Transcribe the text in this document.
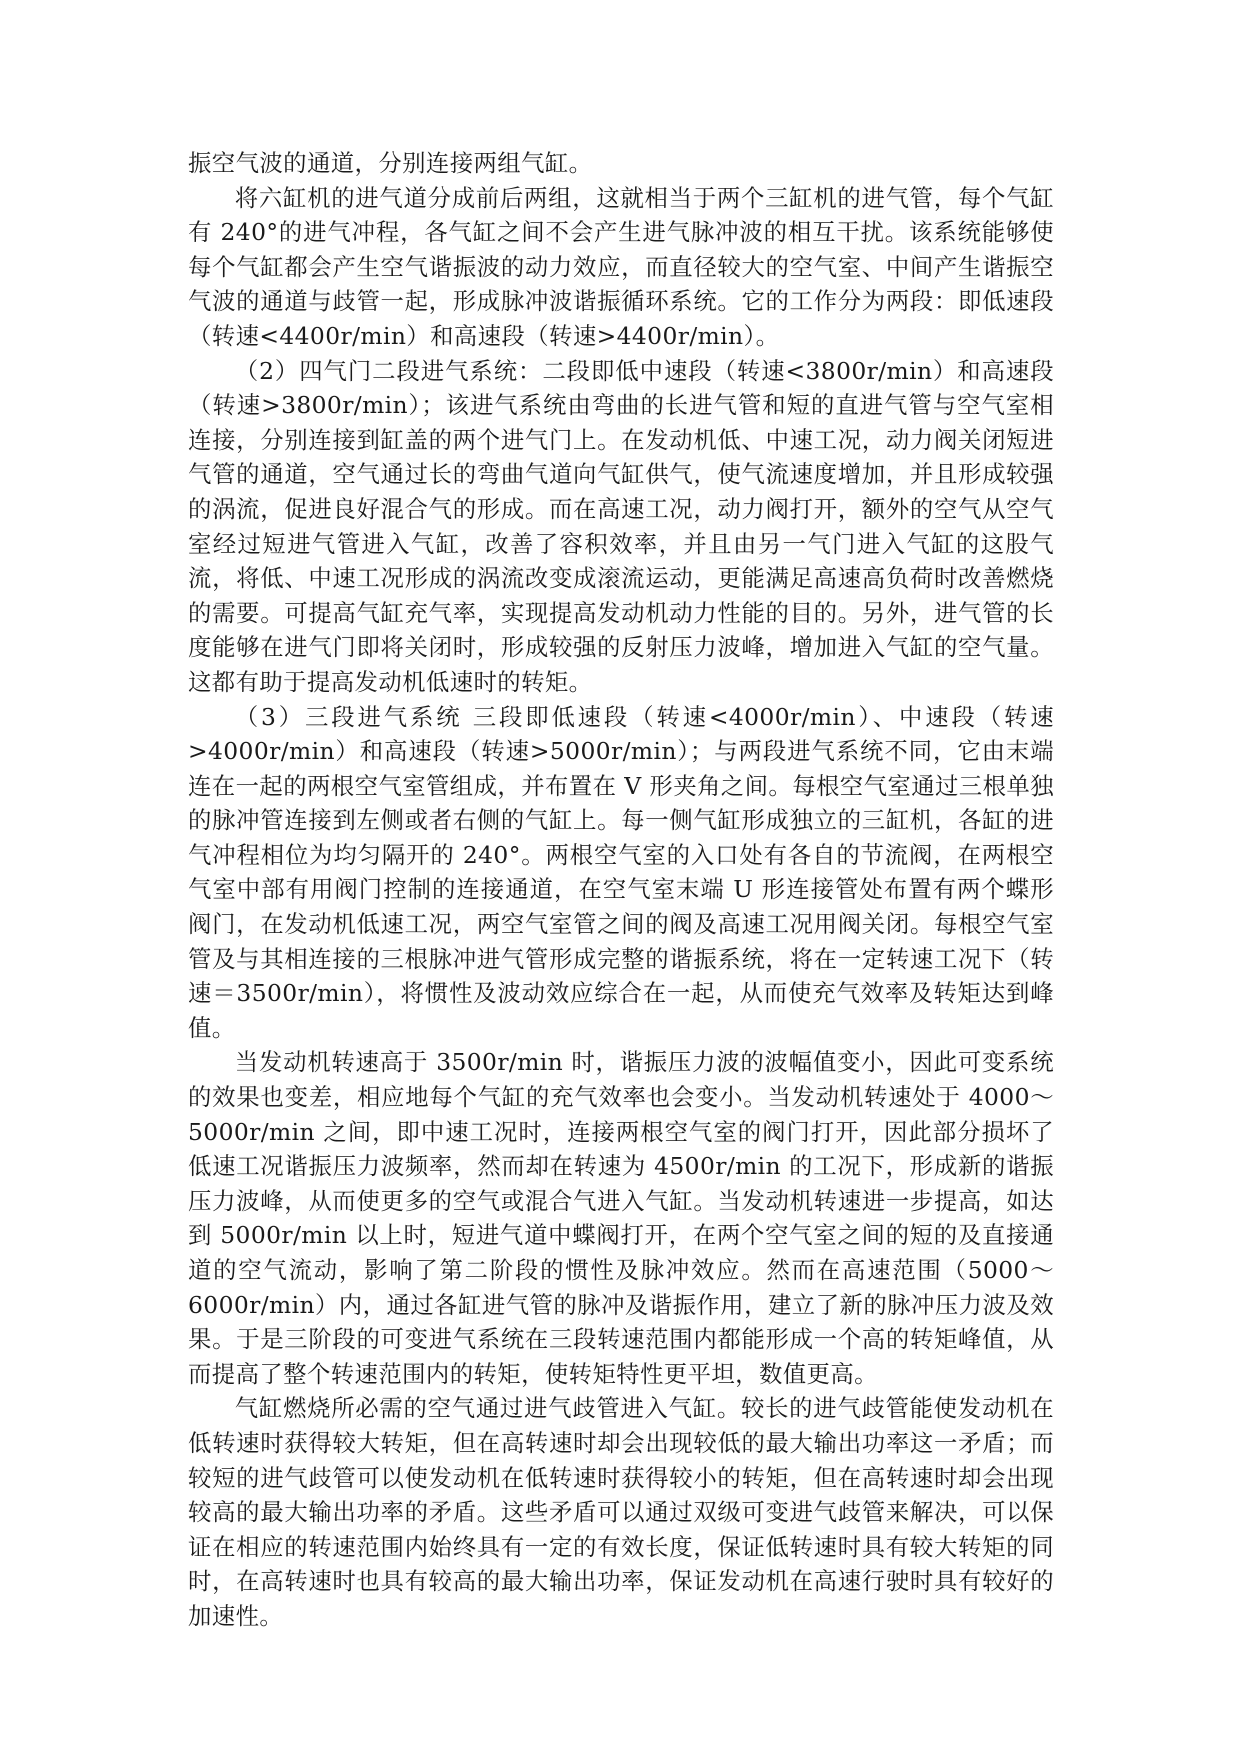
振空气波的通道，分别连接两组气缸。

将六缸机的进气道分成前后两组，这就相当于两个三缸机的进气管，每个气缸有 240°的进气冲程，各气缸之间不会产生进气脉冲波的相互干扰。该系统能够使每个气缸都会产生空气谐振波的动力效应，而直径较大的空气室、中间产生谐振空气波的通道与歧管一起，形成脉冲波谐振循环系统。它的工作分为两段：即低速段（转速<4400r/min）和高速段（转速>4400r/min）。

（2）四气门二段进气系统：二段即低中速段（转速<3800r/min）和高速段（转速>3800r/min）；该进气系统由弯曲的长进气管和短的直进气管与空气室相连接，分别连接到缸盖的两个进气门上。在发动机低、中速工况，动力阀关闭短进气管的通道，空气通过长的弯曲气道向气缸供气，使气流速度增加，并且形成较强的涡流，促进良好混合气的形成。而在高速工况，动力阀打开，额外的空气从空气室经过短进气管进入气缸，改善了容积效率，并且由另一气门进入气缸的这股气流，将低、中速工况形成的涡流改变成滚流运动，更能满足高速高负荷时改善燃烧的需要。可提高气缸充气率，实现提高发动机动力性能的目的。另外，进气管的长度能够在进气门即将关闭时，形成较强的反射压力波峰，增加进入气缸的空气量。这都有助于提高发动机低速时的转矩。

（3）三段进气系统 三段即低速段（转速<4000r/min）、中速段（转速>4000r/min）和高速段（转速>5000r/min）；与两段进气系统不同，它由末端连在一起的两根空气室管组成，并布置在 V 形夹角之间。每根空气室通过三根单独的脉冲管连接到左侧或者右侧的气缸上。每一侧气缸形成独立的三缸机，各缸的进气冲程相位为均匀隔开的 240°。两根空气室的入口处有各自的节流阀，在两根空气室中部有用阀门控制的连接通道，在空气室末端 U 形连接管处布置有两个蝶形阀门，在发动机低速工况，两空气室管之间的阀及高速工况用阀关闭。每根空气室管及与其相连接的三根脉冲进气管形成完整的谐振系统，将在一定转速工况下（转速＝3500r/min），将惯性及波动效应综合在一起，从而使充气效率及转矩达到峰值。

当发动机转速高于 3500r/min 时，谐振压力波的波幅值变小，因此可变系统的效果也变差，相应地每个气缸的充气效率也会变小。当发动机转速处于 4000～5000r/min 之间，即中速工况时，连接两根空气室的阀门打开，因此部分损坏了低速工况谐振压力波频率，然而却在转速为 4500r/min 的工况下，形成新的谐振压力波峰，从而使更多的空气或混合气进入气缸。当发动机转速进一步提高，如达到 5000r/min 以上时，短进气道中蝶阀打开，在两个空气室之间的短的及直接通道的空气流动，影响了第二阶段的惯性及脉冲效应。然而在高速范围（5000～6000r/min）内，通过各缸进气管的脉冲及谐振作用，建立了新的脉冲压力波及效果。于是三阶段的可变进气系统在三段转速范围内都能形成一个高的转矩峰值，从而提高了整个转速范围内的转矩，使转矩特性更平坦，数值更高。

气缸燃烧所必需的空气通过进气歧管进入气缸。较长的进气歧管能使发动机在低转速时获得较大转矩，但在高转速时却会出现较低的最大输出功率这一矛盾；而较短的进气歧管可以使发动机在低转速时获得较小的转矩，但在高转速时却会出现较高的最大输出功率的矛盾。这些矛盾可以通过双级可变进气歧管来解决，可以保证在相应的转速范围内始终具有一定的有效长度，保证低转速时具有较大转矩的同时，在高转速时也具有较高的最大输出功率，保证发动机在高速行驶时具有较好的加速性。
